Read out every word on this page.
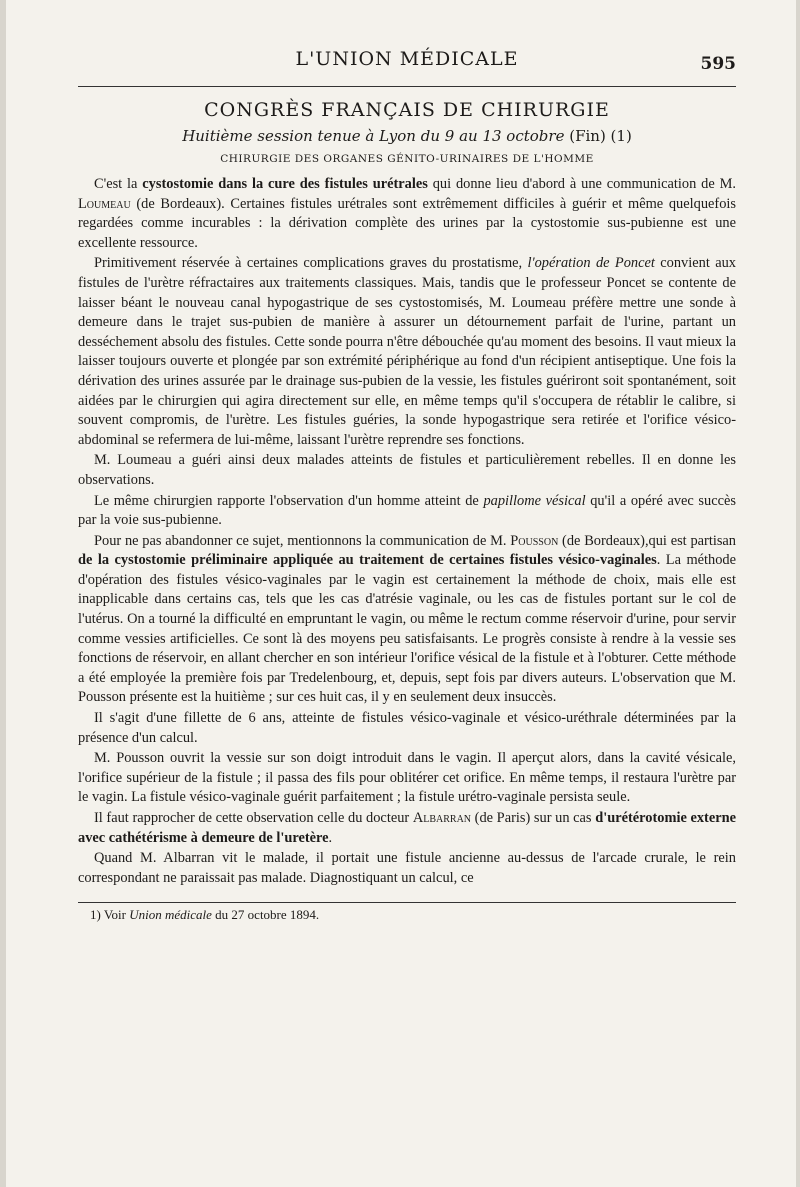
L'UNION MÉDICALE	595
CONGRÈS FRANÇAIS DE CHIRURGIE
Huitième session tenue à Lyon du 9 au 13 octobre (Fin) (1)
CHIRURGIE DES ORGANES GÉNITO-URINAIRES DE L'HOMME

C'est la cystostomie dans la cure des fistules urétrales qui donne lieu d'abord à une communication de M. Loumeau (de Bordeaux). Certaines fistules urétrales sont extrêmement difficiles à guérir et même quelquefois regardées comme incurables : la dérivation complète des urines par la cystostomie sus-pubienne est une excellente ressource.

Primitivement réservée à certaines complications graves du prostatisme, l'opération de Poncet convient aux fistules de l'urètre réfractaires aux traitements classiques. Mais, tandis que le professeur Poncet se contente de laisser béant le nouveau canal hypogastrique de ses cystostomisés, M. Loumeau préfère mettre une sonde à demeure dans le trajet sus-pubien de manière à assurer un détournement parfait de l'urine, partant un desséchement absolu des fistules. Cette sonde pourra n'être débouchée qu'au moment des besoins. Il vaut mieux la laisser toujours ouverte et plongée par son extrémité périphérique au fond d'un récipient antiseptique. Une fois la dérivation des urines assurée par le drainage sus-pubien de la vessie, les fistules guériront soit spontanément, soit aidées par le chirurgien qui agira directement sur elle, en même temps qu'il s'occupera de rétablir le calibre, si souvent compromis, de l'urètre. Les fistules guéries, la sonde hypogastrique sera retirée et l'orifice vésico-abdominal se refermera de lui-même, laissant l'urètre reprendre ses fonctions.

M. Loumeau a guéri ainsi deux malades atteints de fistules et particulièrement rebelles. Il en donne les observations.

Le même chirurgien rapporte l'observation d'un homme atteint de papillome vésical qu'il a opéré avec succès par la voie sus-pubienne.

Pour ne pas abandonner ce sujet, mentionnons la communication de M. Pousson (de Bordeaux),qui est partisan de la cystostomie préliminaire appliquée au traitement de certaines fistules vésico-vaginales. La méthode d'opération des fistules vésico-vaginales par le vagin est certainement la méthode de choix, mais elle est inapplicable dans certains cas, tels que les cas d'atrésie vaginale, ou les cas de fistules portant sur le col de l'utérus. On a tourné la difficulté en empruntant le vagin, ou même le rectum comme réservoir d'urine, pour servir comme vessies artificielles. Ce sont là des moyens peu satisfaisants. Le progrès consiste à rendre à la vessie ses fonctions de réservoir, en allant chercher en son intérieur l'orifice vésical de la fistule et à l'obturer. Cette méthode a été employée la première fois par Tredelenbourg, et, depuis, sept fois par divers auteurs. L'observation que M. Pousson présente est la huitième ; sur ces huit cas, il y en seulement deux insuccès.

Il s'agit d'une fillette de 6 ans, atteinte de fistules vésico-vaginale et vésico-uréthrale déterminées par la présence d'un calcul.

M. Pousson ouvrit la vessie sur son doigt introduit dans le vagin. Il aperçut alors, dans la cavité vésicale, l'orifice supérieur de la fistule ; il passa des fils pour oblitérer cet orifice. En même temps, il restaura l'urètre par le vagin. La fistule vésico-vaginale guérit parfaitement ; la fistule urétro-vaginale persista seule.

Il faut rapprocher de cette observation celle du docteur Albarran (de Paris) sur un cas d'urétérotomie externe avec cathétérisme à demeure de l'uretère.

Quand M. Albarran vit le malade, il portait une fistule ancienne au-dessus de l'arcade crurale, le rein correspondant ne paraissait pas malade. Diagnostiquant un calcul, ce

1) Voir Union médicale du 27 octobre 1894.
